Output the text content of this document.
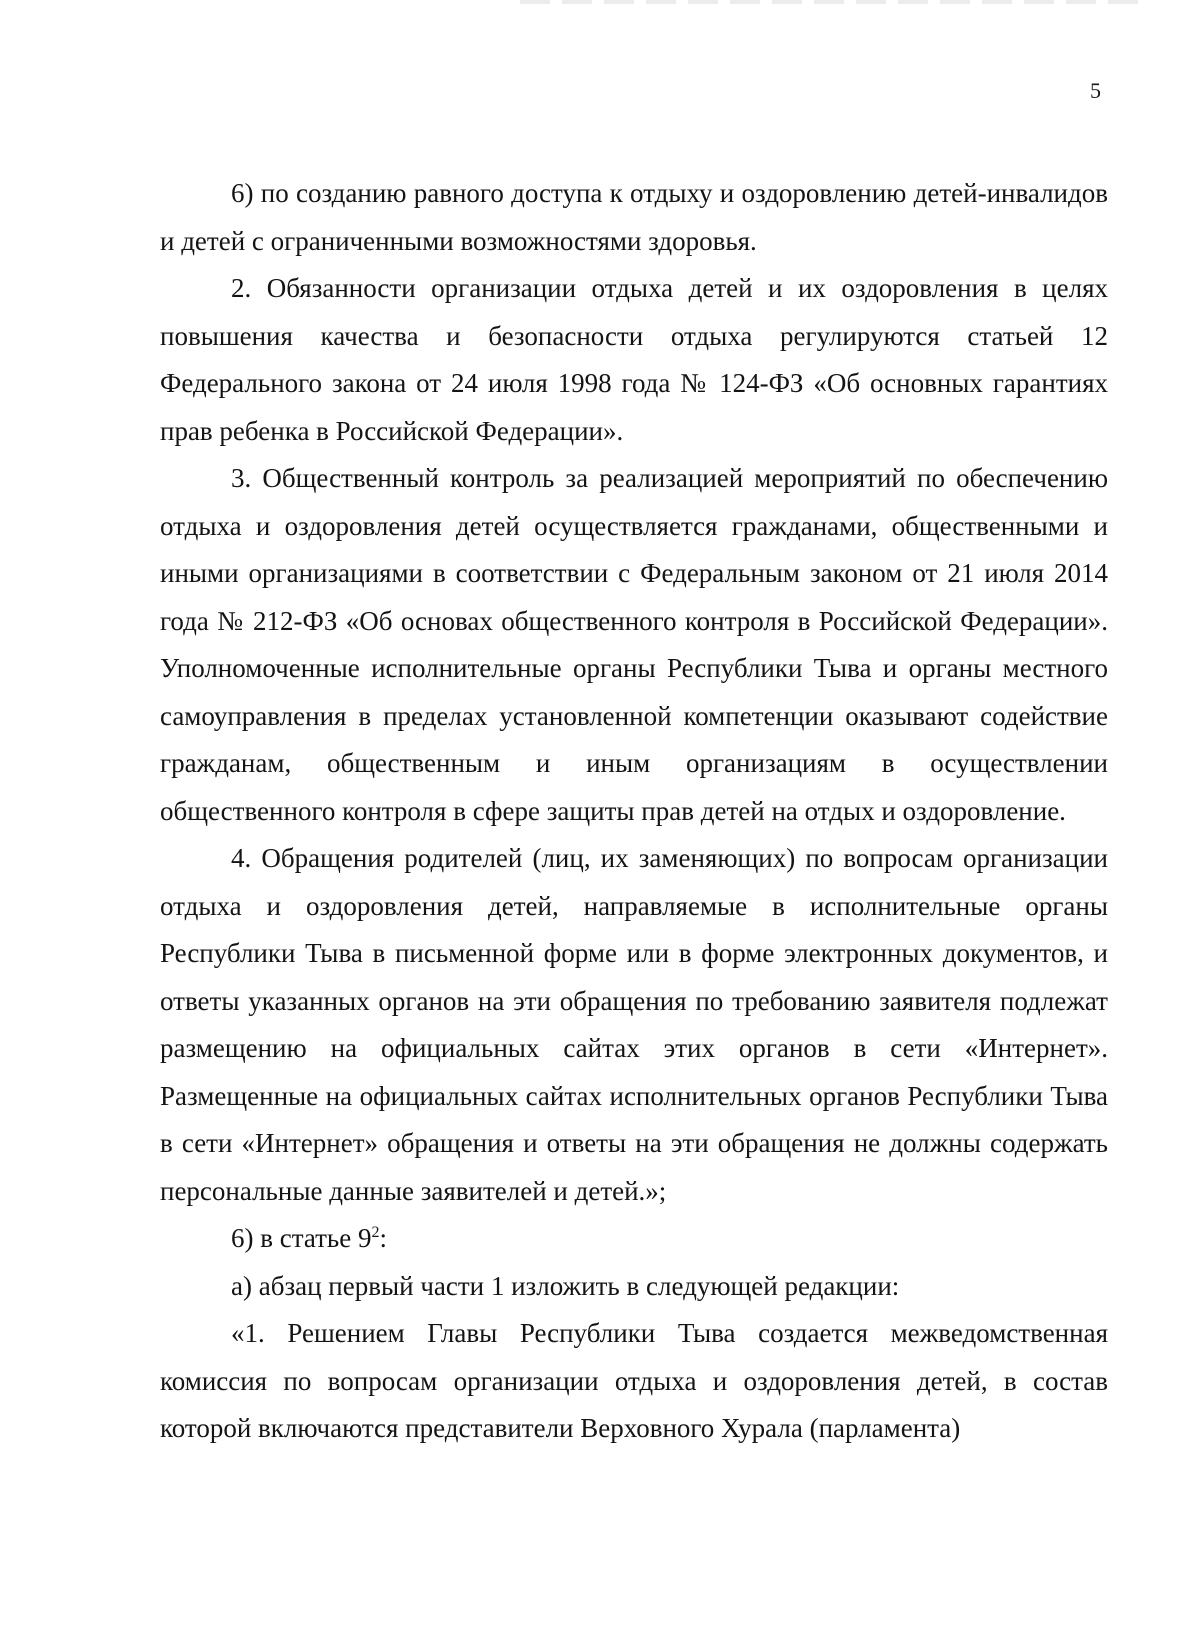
5

6) по созданию равного доступа к отдыху и оздоровлению детей-инвалидов и детей с ограниченными возможностями здоровья.

2. Обязанности организации отдыха детей и их оздоровления в целях повышения качества и безопасности отдыха регулируются статьей 12 Федерального закона от 24 июля 1998 года № 124-ФЗ «Об основных гарантиях прав ребенка в Российской Федерации».

3. Общественный контроль за реализацией мероприятий по обеспечению отдыха и оздоровления детей осуществляется гражданами, общественными и иными организациями в соответствии с Федеральным законом от 21 июля 2014 года № 212-ФЗ «Об основах общественного контроля в Российской Федерации». Уполномоченные исполнительные органы Республики Тыва и органы местного самоуправления в пределах установленной компетенции оказывают содействие гражданам, общественным и иным организациям в осуществлении общественного контроля в сфере защиты прав детей на отдых и оздоровление.

4. Обращения родителей (лиц, их заменяющих) по вопросам организации отдыха и оздоровления детей, направляемые в исполнительные органы Республики Тыва в письменной форме или в форме электронных документов, и ответы указанных органов на эти обращения по требованию заявителя подлежат размещению на официальных сайтах этих органов в сети «Интернет». Размещенные на официальных сайтах исполнительных органов Республики Тыва в сети «Интернет» обращения и ответы на эти обращения не должны содержать персональные данные заявителей и детей.»;

6) в статье $9^2$:

а) абзац первый части 1 изложить в следующей редакции:

«1. Решением Главы Республики Тыва создается межведомственная комиссия по вопросам организации отдыха и оздоровления детей, в состав которой включаются представители Верховного Хурала (парламента)
